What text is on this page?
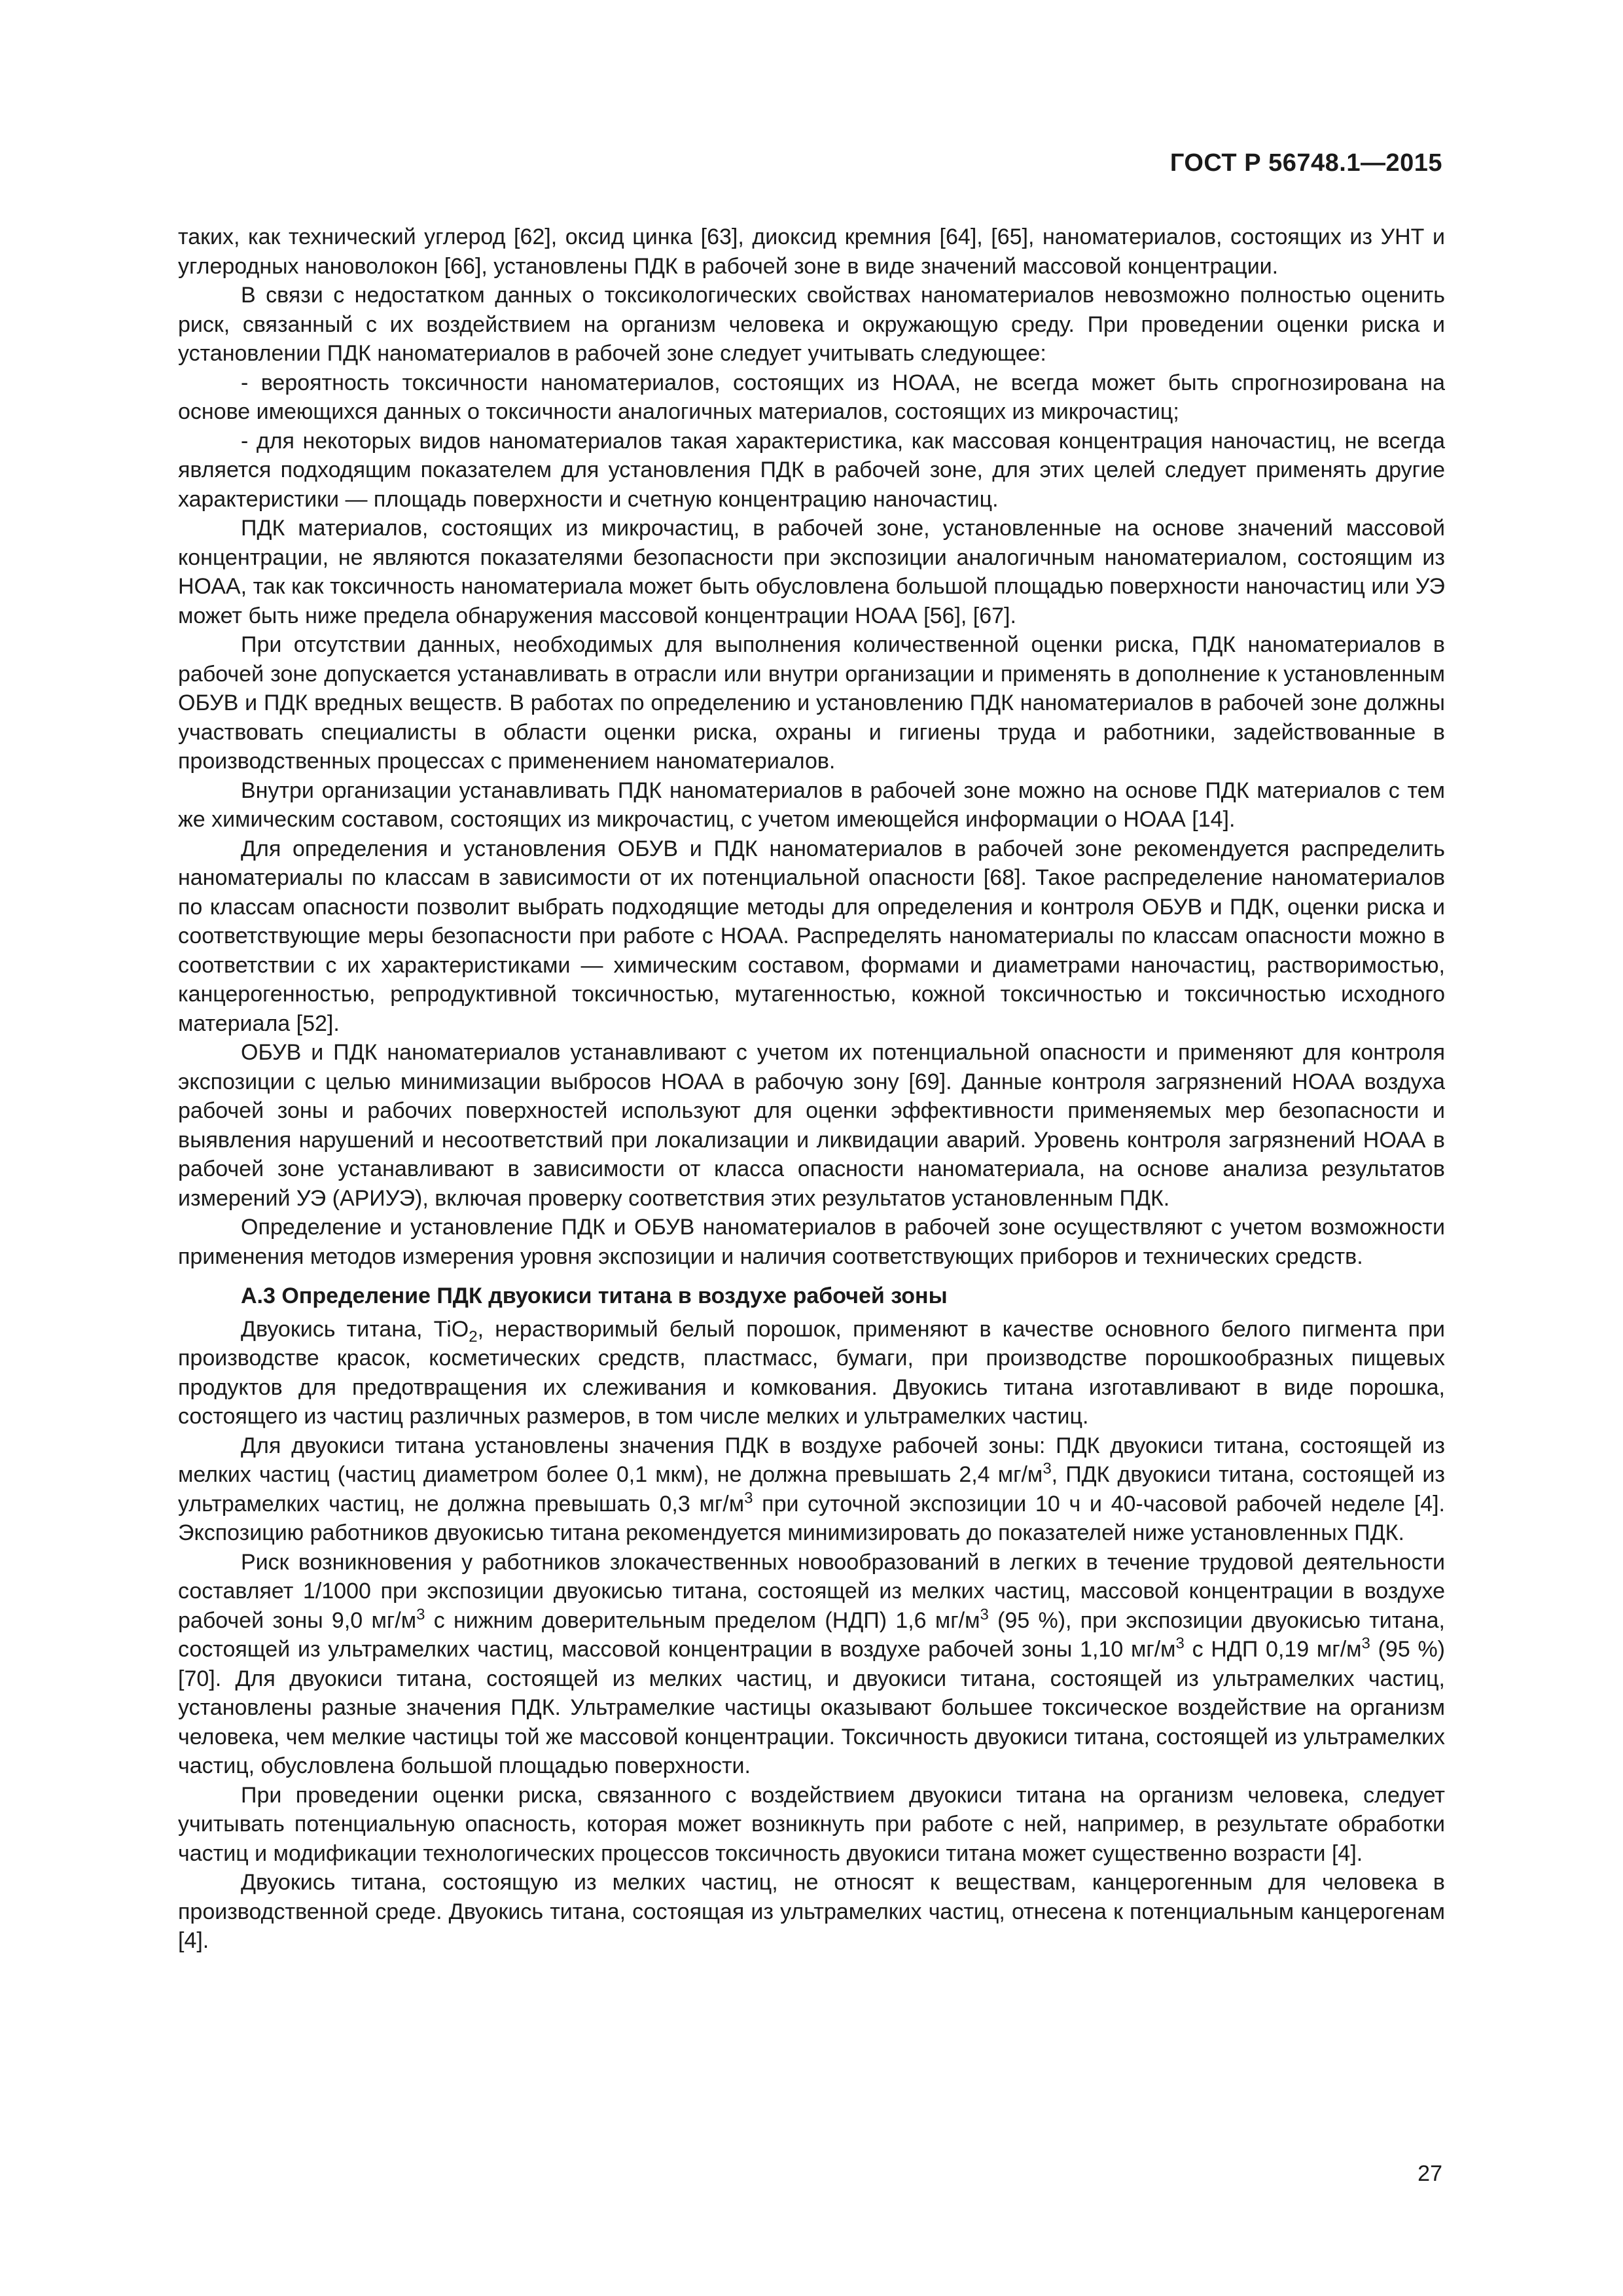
ГОСТ Р 56748.1—2015

таких, как технический углерод [62], оксид цинка [63], диоксид кремния [64], [65], наноматериалов, состоящих из УНТ и углеродных нановолокон [66], установлены ПДК в рабочей зоне в виде значений массовой концентрации.

В связи с недостатком данных о токсикологических свойствах наноматериалов невозможно полностью оценить риск, связанный с их воздействием на организм человека и окружающую среду. При проведении оценки риска и установлении ПДК наноматериалов в рабочей зоне следует учитывать следующее:

- вероятность токсичности наноматериалов, состоящих из НОАА, не всегда может быть спрогнозирована на основе имеющихся данных о токсичности аналогичных материалов, состоящих из микрочастиц;

- для некоторых видов наноматериалов такая характеристика, как массовая концентрация наночастиц, не всегда является подходящим показателем для установления ПДК в рабочей зоне, для этих целей следует применять другие характеристики — площадь поверхности и счетную концентрацию наночастиц.

ПДК материалов, состоящих из микрочастиц, в рабочей зоне, установленные на основе значений массовой концентрации, не являются показателями безопасности при экспозиции аналогичным наноматериалом, состоящим из НОАА, так как токсичность наноматериала может быть обусловлена большой площадью поверхности наночастиц или УЭ может быть ниже предела обнаружения массовой концентрации НОАА [56], [67].

При отсутствии данных, необходимых для выполнения количественной оценки риска, ПДК наноматериалов в рабочей зоне допускается устанавливать в отрасли или внутри организации и применять в дополнение к установленным ОБУВ и ПДК вредных веществ. В работах по определению и установлению ПДК наноматериалов в рабочей зоне должны участвовать специалисты в области оценки риска, охраны и гигиены труда и работники, задействованные в производственных процессах с применением наноматериалов.

Внутри организации устанавливать ПДК наноматериалов в рабочей зоне можно на основе ПДК материалов с тем же химическим составом, состоящих из микрочастиц, с учетом имеющейся информации о НОАА [14].

Для определения и установления ОБУВ и ПДК наноматериалов в рабочей зоне рекомендуется распределить наноматериалы по классам в зависимости от их потенциальной опасности [68]. Такое распределение наноматериалов по классам опасности позволит выбрать подходящие методы для определения и контроля ОБУВ и ПДК, оценки риска и соответствующие меры безопасности при работе с НОАА. Распределять наноматериалы по классам опасности можно в соответствии с их характеристиками — химическим составом, формами и диаметрами наночастиц, растворимостью, канцерогенностью, репродуктивной токсичностью, мутагенностью, кожной токсичностью и токсичностью исходного материала [52].

ОБУВ и ПДК наноматериалов устанавливают с учетом их потенциальной опасности и применяют для контроля экспозиции с целью минимизации выбросов НОАА в рабочую зону [69]. Данные контроля загрязнений НОАА воздуха рабочей зоны и рабочих поверхностей используют для оценки эффективности применяемых мер безопасности и выявления нарушений и несоответствий при локализации и ликвидации аварий. Уровень контроля загрязнений НОАА в рабочей зоне устанавливают в зависимости от класса опасности наноматериала, на основе анализа результатов измерений УЭ (АРИУЭ), включая проверку соответствия этих результатов установленным ПДК.

Определение и установление ПДК и ОБУВ наноматериалов в рабочей зоне осуществляют с учетом возможности применения методов измерения уровня экспозиции и наличия соответствующих приборов и технических средств.

А.3 Определение ПДК двуокиси титана в воздухе рабочей зоны

Двуокись титана, TiO$_2$, нерастворимый белый порошок, применяют в качестве основного белого пигмента при производстве красок, косметических средств, пластмасс, бумаги, при производстве порошкообразных пищевых продуктов для предотвращения их слеживания и комкования. Двуокись титана изготавливают в виде порошка, состоящего из частиц различных размеров, в том числе мелких и ультрамелких частиц.

Для двуокиси титана установлены значения ПДК в воздухе рабочей зоны: ПДК двуокиси титана, состоящей из мелких частиц (частиц диаметром более 0,1 мкм), не должна превышать 2,4 $мг/м^3$, ПДК двуокиси титана, состоящей из ультрамелких частиц, не должна превышать 0,3 $мг/м^3$ при суточной экспозиции 10 ч и 40-часовой рабочей неделе [4]. Экспозицию работников двуокисью титана рекомендуется минимизировать до показателей ниже установленных ПДК.

Риск возникновения у работников злокачественных новообразований в легких в течение трудовой деятельности составляет 1/1000 при экспозиции двуокисью титана, состоящей из мелких частиц, массовой концентрации в воздухе рабочей зоны 9,0 $мг/м^3$ с нижним доверительным пределом (НДП) 1,6 $мг/м^3$ (95 %), при экспозиции двуокисью титана, состоящей из ультрамелких частиц, массовой концентрации в воздухе рабочей зоны 1,10 $мг/м^3$ с НДП 0,19 $мг/м^3$ (95 %) [70]. Для двуокиси титана, состоящей из мелких частиц, и двуокиси титана, состоящей из ультрамелких частиц, установлены разные значения ПДК. Ультрамелкие частицы оказывают большее токсическое воздействие на организм человека, чем мелкие частицы той же массовой концентрации. Токсичность двуокиси титана, состоящей из ультрамелких частиц, обусловлена большой площадью поверхности.

При проведении оценки риска, связанного с воздействием двуокиси титана на организм человека, следует учитывать потенциальную опасность, которая может возникнуть при работе с ней, например, в результате обработки частиц и модификации технологических процессов токсичность двуокиси титана может существенно возрасти [4].

Двуокись титана, состоящую из мелких частиц, не относят к веществам, канцерогенным для человека в производственной среде. Двуокись титана, состоящая из ультрамелких частиц, отнесена к потенциальным канцерогенам [4].

27
